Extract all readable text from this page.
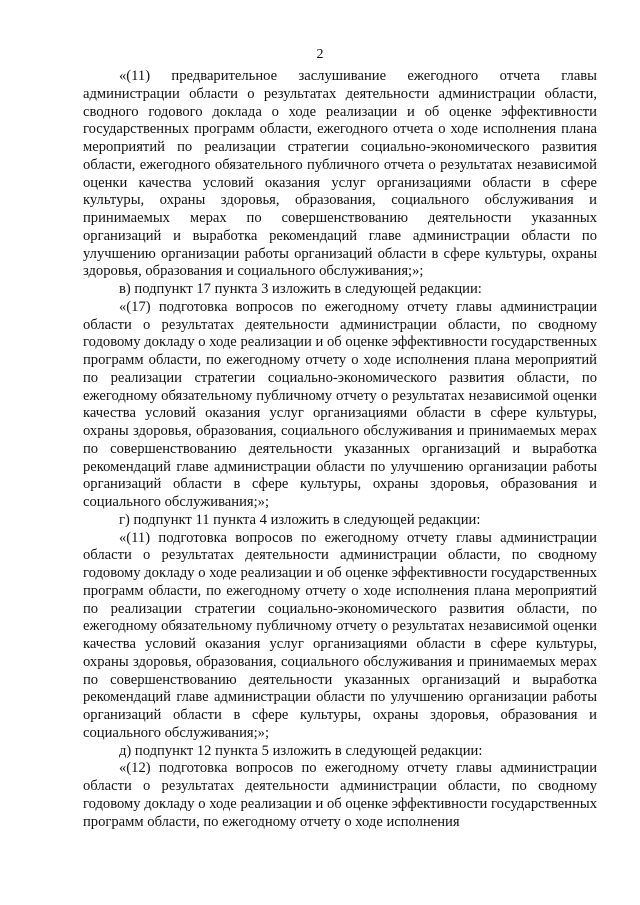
2

«(11) предварительное заслушивание ежегодного отчета главы администрации области о результатах деятельности администрации области, сводного годового доклада о ходе реализации и об оценке эффективности государственных программ области, ежегодного отчета о ходе исполнения плана мероприятий по реализации стратегии социально-экономического развития области, ежегодного обязательного публичного отчета о результатах независимой оценки качества условий оказания услуг организациями области в сфере культуры, охраны здоровья, образования, социального обслуживания и принимаемых мерах по совершенствованию деятельности указанных организаций и выработка рекомендаций главе администрации области по улучшению организации работы организаций области в сфере культуры, охраны здоровья, образования и социального обслуживания;»;

в) подпункт 17 пункта 3 изложить в следующей редакции:

«(17) подготовка вопросов по ежегодному отчету главы администрации области о результатах деятельности администрации области, по сводному годовому докладу о ходе реализации и об оценке эффективности государственных программ области, по ежегодному отчету о ходе исполнения плана мероприятий по реализации стратегии социально-экономического развития области, по ежегодному обязательному публичному отчету о результатах независимой оценки качества условий оказания услуг организациями области в сфере культуры, охраны здоровья, образования, социального обслуживания и принимаемых мерах по совершенствованию деятельности указанных организаций и выработка рекомендаций главе администрации области по улучшению организации работы организаций области в сфере культуры, охраны здоровья, образования и социального обслуживания;»;

г) подпункт 11 пункта 4 изложить в следующей редакции:

«(11) подготовка вопросов по ежегодному отчету главы администрации области о результатах деятельности администрации области, по сводному годовому докладу о ходе реализации и об оценке эффективности государственных программ области, по ежегодному отчету о ходе исполнения плана мероприятий по реализации стратегии социально-экономического развития области, по ежегодному обязательному публичному отчету о результатах независимой оценки качества условий оказания услуг организациями области в сфере культуры, охраны здоровья, образования, социального обслуживания и принимаемых мерах по совершенствованию деятельности указанных организаций и выработка рекомендаций главе администрации области по улучшению организации работы организаций области в сфере культуры, охраны здоровья, образования и социального обслуживания;»;

д) подпункт 12 пункта 5 изложить в следующей редакции:

«(12) подготовка вопросов по ежегодному отчету главы администрации области о результатах деятельности администрации области, по сводному годовому докладу о ходе реализации и об оценке эффективности государственных программ области, по ежегодному отчету о ходе исполнения
